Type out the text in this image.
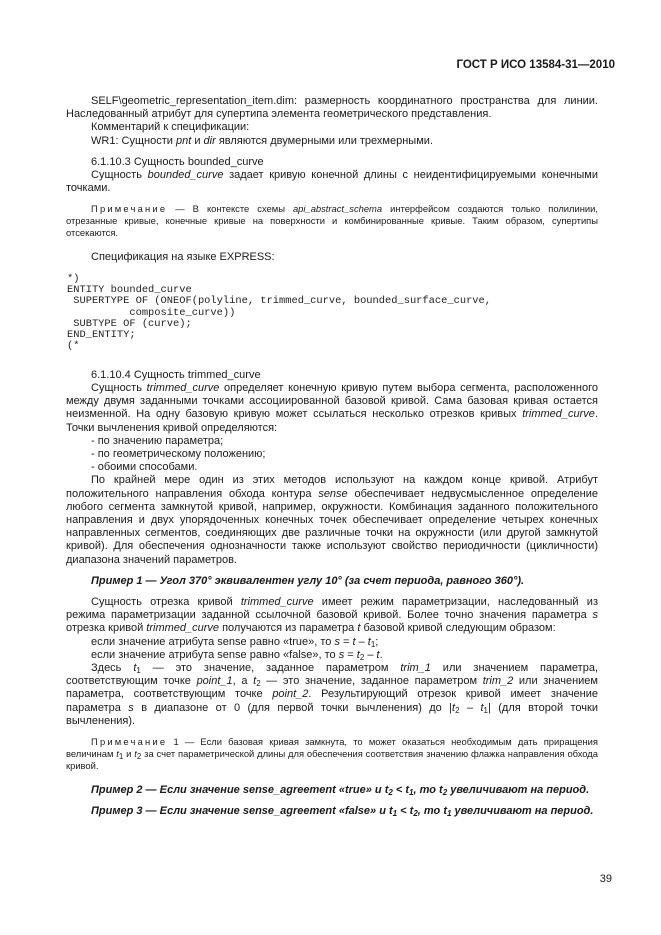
ГОСТ Р ИСО 13584-31—2010

SELF\geometric_representation_item.dim: размерность координатного пространства для линии. Наследованный атрибут для супертипа элемента геометрического представления.

Комментарий к спецификации:

WR1: Сущности pnt и dir являются двумерными или трехмерными.

6.1.10.3 Сущность bounded_curve

Сущность bounded_curve задает кривую конечной длины с неидентифицируемыми конечными точками.

Примечание — В контексте схемы api_abstract_schema интерфейсом создаются только полилинии, отрезанные кривые, конечные кривые на поверхности и комбинированные кривые. Таким образом, супертипы отсекаются.

Спецификация на языке EXPRESS:

*)
ENTITY bounded_curve
SUPERTYPE OF (ONEOF(polyline, trimmed_curve, bounded_surface_curve,
composite_curve))
SUBTYPE OF (curve);
END_ENTITY;
(*

6.1.10.4 Сущность trimmed_curve

Сущность trimmed_curve определяет конечную кривую путем выбора сегмента, расположенного между двумя заданными точками ассоциированной базовой кривой. Сама базовая кривая остается неизменной. На одну базовую кривую может ссылаться несколько отрезков кривых trimmed_curve. Точки вычленения кривой определяются:

- по значению параметра;

- по геометрическому положению;

- обоими способами.

По крайней мере один из этих методов используют на каждом конце кривой. Атрибут положительного направления обхода контура sense обеспечивает недвусмысленное определение любого сегмента замкнутой кривой, например, окружности. Комбинация заданного положительного направления и двух упорядоченных конечных точек обеспечивает определение четырех конечных направленных сегментов, соединяющих две различные точки на окружности (или другой замкнутой кривой). Для обеспечения однозначности также используют свойство периодичности (цикличности) диапазона значений параметров.

Пример 1 — Угол 370° эквивалентен углу 10° (за счет периода, равного 360°).

Сущность отрезка кривой trimmed_curve имеет режим параметризации, наследованный из режима параметризации заданной ссылочной базовой кривой. Более точно значения параметра s отрезка кривой trimmed_curve получаются из параметра t базовой кривой следующим образом:

если значение атрибута sense равно «true», то $s = t - t_1$;

если значение атрибута sense равно «false», то $s = t_2 - t$.

Здесь $t_1$ — это значение, заданное параметром trim_1 или значением параметра, соответствующим точке point_1, а $t_2$ — это значение, заданное параметром trim_2 или значением параметра, соответствующим точке point_2. Результирующий отрезок кривой имеет значение параметра s в диапазоне от 0 (для первой точки вычленения) до $|t_2 - t_1|$ (для второй точки вычленения).

Примечание 1 — Если базовая кривая замкнута, то может оказаться необходимым дать приращения величинам $t_1$ и $t_2$ за счет параметрической длины для обеспечения соответствия значению флажка направления обхода кривой.

Пример 2 — Если значение sense_agreement «true» и $t_2 < t_1$, то $t_2$ увеличивают на период.

Пример 3 — Если значение sense_agreement «false» и $t_1 < t_2$, то $t_1$ увеличивают на период.

39
